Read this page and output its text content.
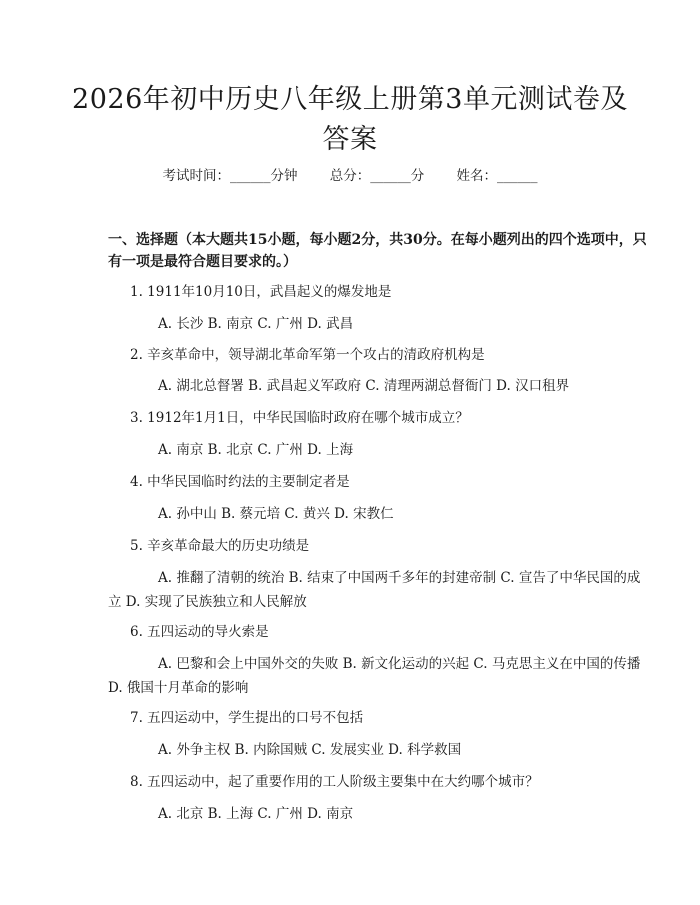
2026年初中历史八年级上册第3单元测试卷及答案
考试时间：______分钟 总分：______分 姓名：______

一、选择题（本大题共15小题，每小题2分，共30分。在每小题列出的四个选项中，只有一项是最符合题目要求的。）

1. 1911年10月10日，武昌起义的爆发地是

A. 长沙 B. 南京 C. 广州 D. 武昌

2. 辛亥革命中，领导湖北革命军第一个攻占的清政府机构是

A. 湖北总督署 B. 武昌起义军政府 C. 清理两湖总督衙门 D. 汉口租界

3. 1912年1月1日，中华民国临时政府在哪个城市成立？

A. 南京 B. 北京 C. 广州 D. 上海

4. 中华民国临时约法的主要制定者是

A. 孙中山 B. 蔡元培 C. 黄兴 D. 宋教仁

5. 辛亥革命最大的历史功绩是

A. 推翻了清朝的统治 B. 结束了中国两千多年的封建帝制 C. 宣告了中华民国的成立 D. 实现了民族独立和人民解放

6. 五四运动的导火索是

A. 巴黎和会上中国外交的失败 B. 新文化运动的兴起 C. 马克思主义在中国的传播 D. 俄国十月革命的影响

7. 五四运动中，学生提出的口号不包括

A. 外争主权 B. 内除国贼 C. 发展实业 D. 科学救国

8. 五四运动中，起了重要作用的工人阶级主要集中在大约哪个城市？

A. 北京 B. 上海 C. 广州 D. 南京
